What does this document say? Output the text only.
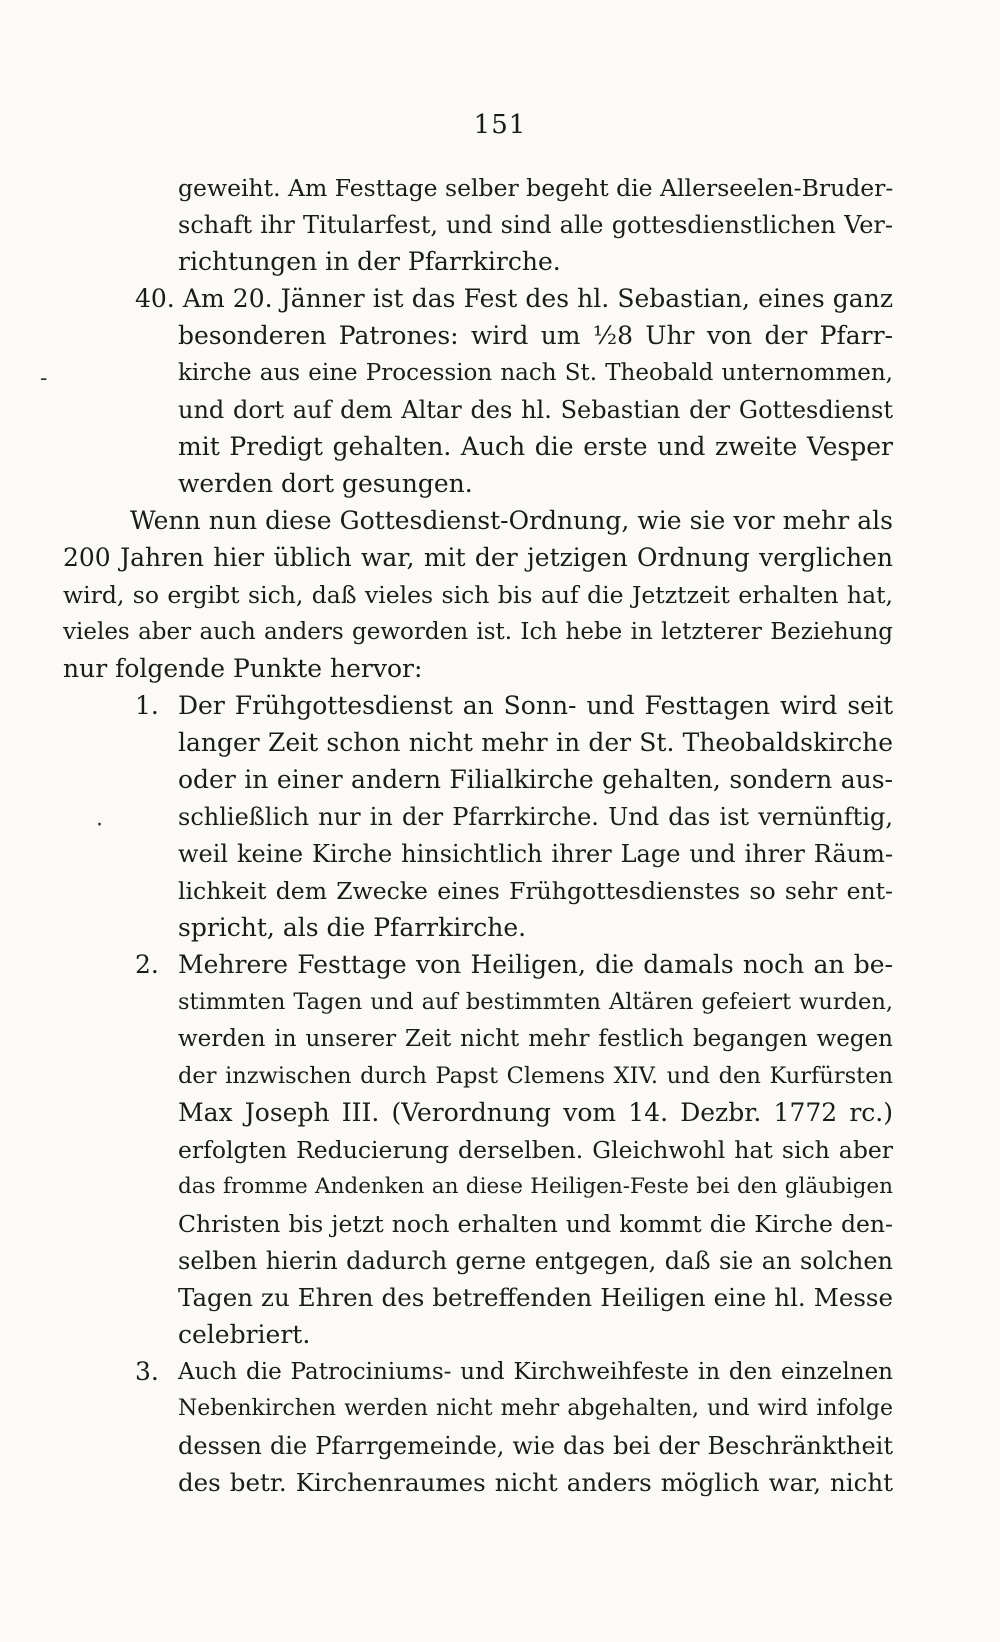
151
geweiht. Am Festtage selber begeht die Allerseelen-Bruder-
schaft ihr Titularfest, und sind alle gottesdienstlichen Ver-
richtungen in der Pfarrkirche.
40. Am 20. Jänner ist das Fest des hl. Sebastian, eines ganz
besonderen Patrones: wird um ½8 Uhr von der Pfarr-
kirche aus eine Procession nach St. Theobald unternommen,
und dort auf dem Altar des hl. Sebastian der Gottesdienst
mit Predigt gehalten. Auch die erste und zweite Vesper
werden dort gesungen.
Wenn nun diese Gottesdienst-Ordnung, wie sie vor mehr als
200 Jahren hier üblich war, mit der jetzigen Ordnung verglichen
wird, so ergibt sich, daß vieles sich bis auf die Jetztzeit erhalten hat,
vieles aber auch anders geworden ist. Ich hebe in letzterer Beziehung
nur folgende Punkte hervor:
1. Der Frühgottesdienst an Sonn- und Festtagen wird seit
langer Zeit schon nicht mehr in der St. Theobaldskirche
oder in einer andern Filialkirche gehalten, sondern aus-
schließlich nur in der Pfarrkirche. Und das ist vernünftig,
weil keine Kirche hinsichtlich ihrer Lage und ihrer Räum-
lichkeit dem Zwecke eines Frühgottesdienstes so sehr ent-
spricht, als die Pfarrkirche.
2. Mehrere Festtage von Heiligen, die damals noch an be-
stimmten Tagen und auf bestimmten Altären gefeiert wurden,
werden in unserer Zeit nicht mehr festlich begangen wegen
der inzwischen durch Papst Clemens XIV. und den Kurfürsten
Max Joseph III. (Verordnung vom 14. Dezbr. 1772 rc.)
erfolgten Reducierung derselben. Gleichwohl hat sich aber
das fromme Andenken an diese Heiligen-Feste bei den gläubigen
Christen bis jetzt noch erhalten und kommt die Kirche den-
selben hierin dadurch gerne entgegen, daß sie an solchen
Tagen zu Ehren des betreffenden Heiligen eine hl. Messe
celebriert.
3. Auch die Patrociniums- und Kirchweihfeste in den einzelnen
Nebenkirchen werden nicht mehr abgehalten, und wird infolge
dessen die Pfarrgemeinde, wie das bei der Beschränktheit
des betr. Kirchenraumes nicht anders möglich war, nicht
-
·
